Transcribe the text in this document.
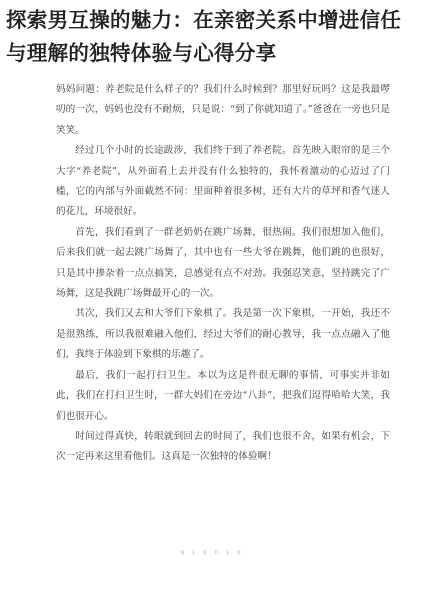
探索男互操的魅力：在亲密关系中增进信任与理解的独特体验与心得分享

妈妈问题：养老院是什么样子的？我们什么时候到？那里好玩吗？这是我最啰叨的一次，妈妈也没有不耐烦，只是说：“到了你就知道了。”爸爸在一旁也只是笑笑。

经过几个小时的长途跋涉，我们终于到了养老院。首先映入眼帘的是三个大字“养老院”，从外面看上去并没有什么独特的，我怀着激动的心迈过了门槛，它的内部与外面截然不同：里面种着很多树，还有大片的草坪和香气迷人的花儿，环境很好。

首先，我们看到了一群老奶奶在跳广场舞，很热闹。我们很想加入他们，后来我们就一起去跳广场舞了，其中也有一些大爷在跳舞，他们跳的也很好，只是其中掺杂着一点点搞笑，总感觉有点不对劲。我强忍笑意，坚持跳完了广场舞，这是我跳广场舞最开心的一次。

其次，我们又去和大爷们下象棋了。我是第一次下象棋，一开始，我还不是很熟练，所以我很难融入他们，经过大爷们的耐心教导，我一点点融入了他们，我终于体验到下象棋的乐趣了。

最后，我们一起打扫卫生。本以为这是件很无聊的事情，可事实并非如此，我们在打扫卫生时，一群大妈们在旁边“八卦”，把我们逗得哈哈大笑，我们也很开心。

时间过得真快，转眼就到回去的时间了，我们也很不舍，如果有机会，下次一定再来这里看他们。这真是一次独特的体验啊！

第 1 页 共 1 页
